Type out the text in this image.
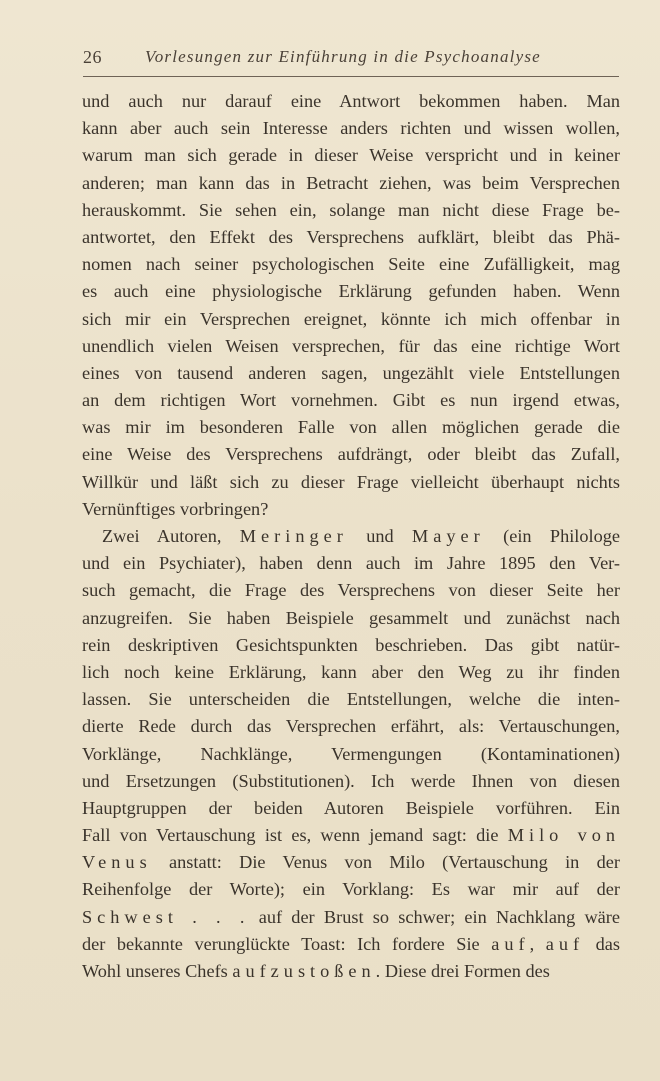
26	Vorlesungen zur Einführung in die Psychoanalyse
und auch nur darauf eine Antwort bekommen haben. Man
kann aber auch sein Interesse anders richten und wissen wollen,
warum man sich gerade in dieser Weise verspricht und in keiner
anderen; man kann das in Betracht ziehen, was beim Versprechen
herauskommt. Sie sehen ein, solange man nicht diese Frage be-
antwortet, den Effekt des Versprechens aufklärt, bleibt das Phä-
nomen nach seiner psychologischen Seite eine Zufälligkeit, mag
es auch eine physiologische Erklärung gefunden haben. Wenn
sich mir ein Versprechen ereignet, könnte ich mich offenbar in
unendlich vielen Weisen versprechen, für das eine richtige Wort
eines von tausend anderen sagen, ungezählt viele Entstellungen
an dem richtigen Wort vornehmen. Gibt es nun irgend etwas,
was mir im besonderen Falle von allen möglichen gerade die
eine Weise des Versprechens aufdrängt, oder bleibt das Zufall,
Willkür und läßt sich zu dieser Frage vielleicht überhaupt nichts
Vernünftiges vorbringen?
Zwei Autoren, Meringer und Mayer (ein Philologe
und ein Psychiater), haben denn auch im Jahre 1895 den Ver-
such gemacht, die Frage des Versprechens von dieser Seite her
anzugreifen. Sie haben Beispiele gesammelt und zunächst nach
rein deskriptiven Gesichtspunkten beschrieben. Das gibt natür-
lich noch keine Erklärung, kann aber den Weg zu ihr finden
lassen. Sie unterscheiden die Entstellungen, welche die inten-
dierte Rede durch das Versprechen erfährt, als: Vertauschungen,
Vorklänge, Nachklänge, Vermengungen (Kontaminationen)
und Ersetzungen (Substitutionen). Ich werde Ihnen von diesen
Hauptgruppen der beiden Autoren Beispiele vorführen. Ein
Fall von Vertauschung ist es, wenn jemand sagt: die Milo von
Venus anstatt: Die Venus von Milo (Vertauschung in der
Reihenfolge der Worte); ein Vorklang: Es war mir auf der
Schwest . . . auf der Brust so schwer; ein Nachklang wäre
der bekannte verunglückte Toast: Ich fordere Sie auf, auf das
Wohl unseres Chefs aufzustoßen. Diese drei Formen des
